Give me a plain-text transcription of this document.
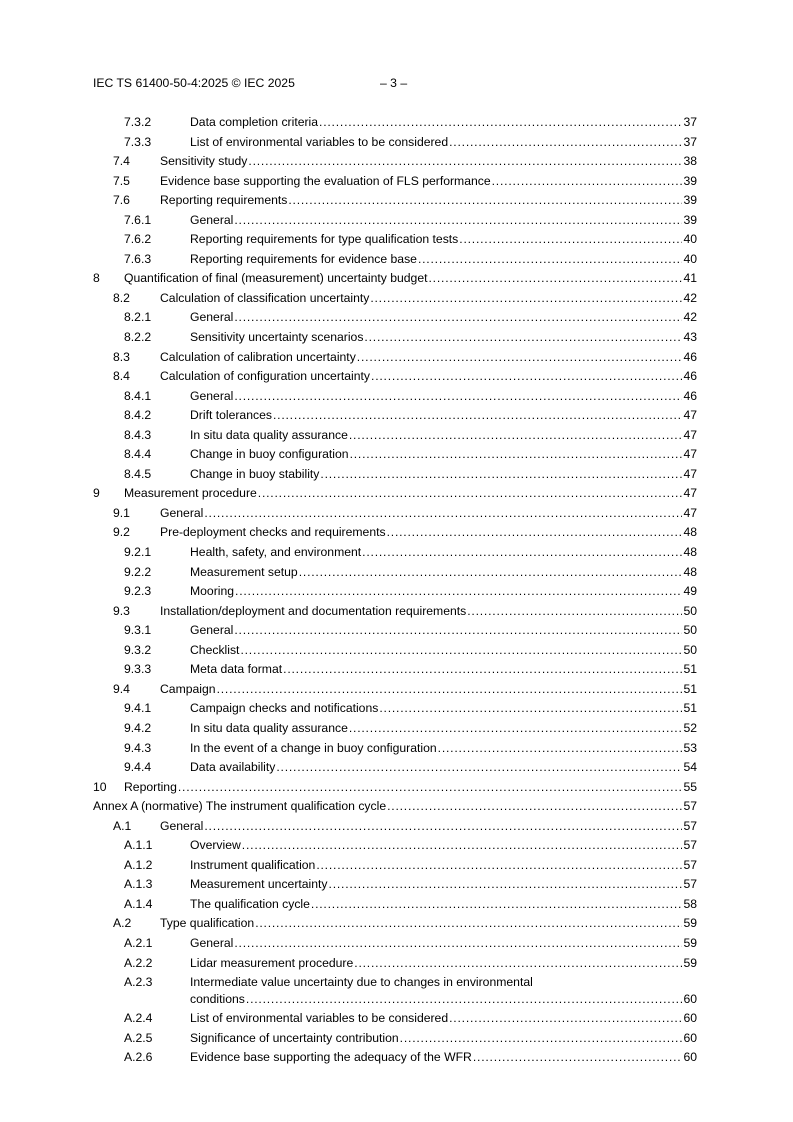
IEC TS 61400-50-4:2025 © IEC 2025	– 3 –
7.3.2	Data completion criteria . . .	37
7.3.3	List of environmental variables to be considered . . .	37
7.4 Sensitivity study . . .	38
7.5 Evidence base supporting the evaluation of FLS performance . . .	39
7.6 Reporting requirements . . .	39
7.6.1	General . . .	39
7.6.2	Reporting requirements for type qualification tests . . .	40
7.6.3	Reporting requirements for evidence base . . .	40
8 Quantification of final (measurement) uncertainty budget . . .	41
8.2 Calculation of classification uncertainty . . .	42
8.2.1	General . . .	42
8.2.2	Sensitivity uncertainty scenarios . . .	43
8.3 Calculation of calibration uncertainty . . .	46
8.4 Calculation of configuration uncertainty . . .	46
8.4.1	General . . .	46
8.4.2	Drift tolerances . . .	47
8.4.3	In situ data quality assurance . . .	47
8.4.4	Change in buoy configuration . . .	47
8.4.5	Change in buoy stability . . .	47
9 Measurement procedure . . .	47
9.1 General . . .	47
9.2 Pre-deployment checks and requirements . . .	48
9.2.1	Health, safety, and environment . . .	48
9.2.2	Measurement setup . . .	48
9.2.3	Mooring . . .	49
9.3 Installation/deployment and documentation requirements . . .	50
9.3.1	General . . .	50
9.3.2	Checklist . . .	50
9.3.3	Meta data format . . .	51
9.4 Campaign . . .	51
9.4.1	Campaign checks and notifications . . .	51
9.4.2	In situ data quality assurance . . .	52
9.4.3	In the event of a change in buoy configuration . . .	53
9.4.4	Data availability . . .	54
10 Reporting . . .	55
Annex A (normative) The instrument qualification cycle . . .	57
A.1 General . . .	57
A.1.1	Overview . . .	57
A.1.2	Instrument qualification . . .	57
A.1.3	Measurement uncertainty . . .	57
A.1.4	The qualification cycle . . .	58
A.2 Type qualification . . .	59
A.2.1	General . . .	59
A.2.2	Lidar measurement procedure . . .	59
A.2.3	Intermediate value uncertainty due to changes in environmental
conditions . . .	60
A.2.4	List of environmental variables to be considered . . .	60
A.2.5	Significance of uncertainty contribution . . .	60
A.2.6	Evidence base supporting the adequacy of the WFR . . .	60
